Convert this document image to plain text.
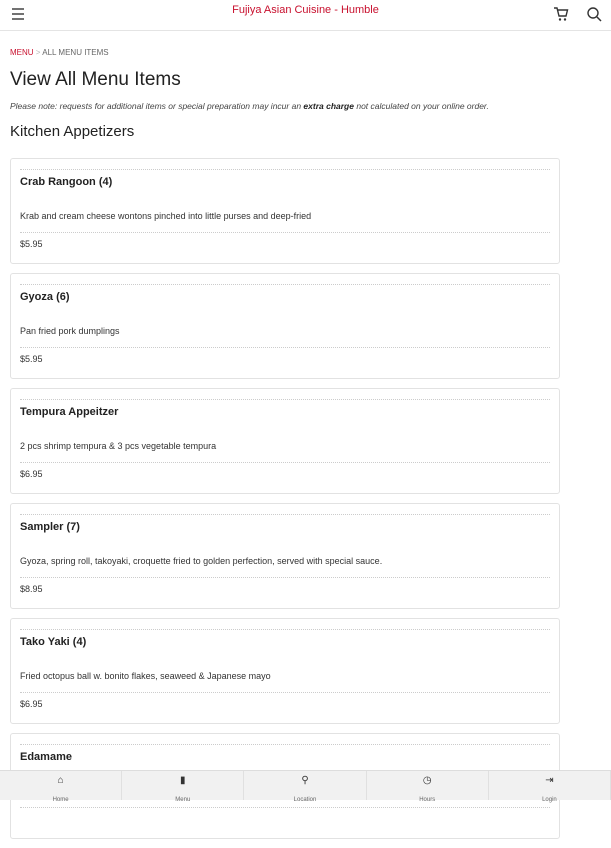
Fujiya Asian Cuisine - Humble
MENU > ALL MENU ITEMS
View All Menu Items
Please note: requests for additional items or special preparation may incur an extra charge not calculated on your online order.
Kitchen Appetizers
Crab Rangoon (4)
Krab and cream cheese wontons pinched into little purses and deep-fried
$5.95
Gyoza (6)
Pan fried pork dumplings
$5.95
Tempura Appeitzer
2 pcs shrimp tempura & 3 pcs vegetable tempura
$6.95
Sampler (7)
Gyoza, spring roll, takoyaki, croquette fried to golden perfection, served with special sauce.
$8.95
Tako Yaki (4)
Fried octopus ball w. bonito flakes, seaweed & Japanese mayo
$6.95
Edamame
⌂
Home
▮
Menu
⚲
Location
◷
Hours
⇥
Login
